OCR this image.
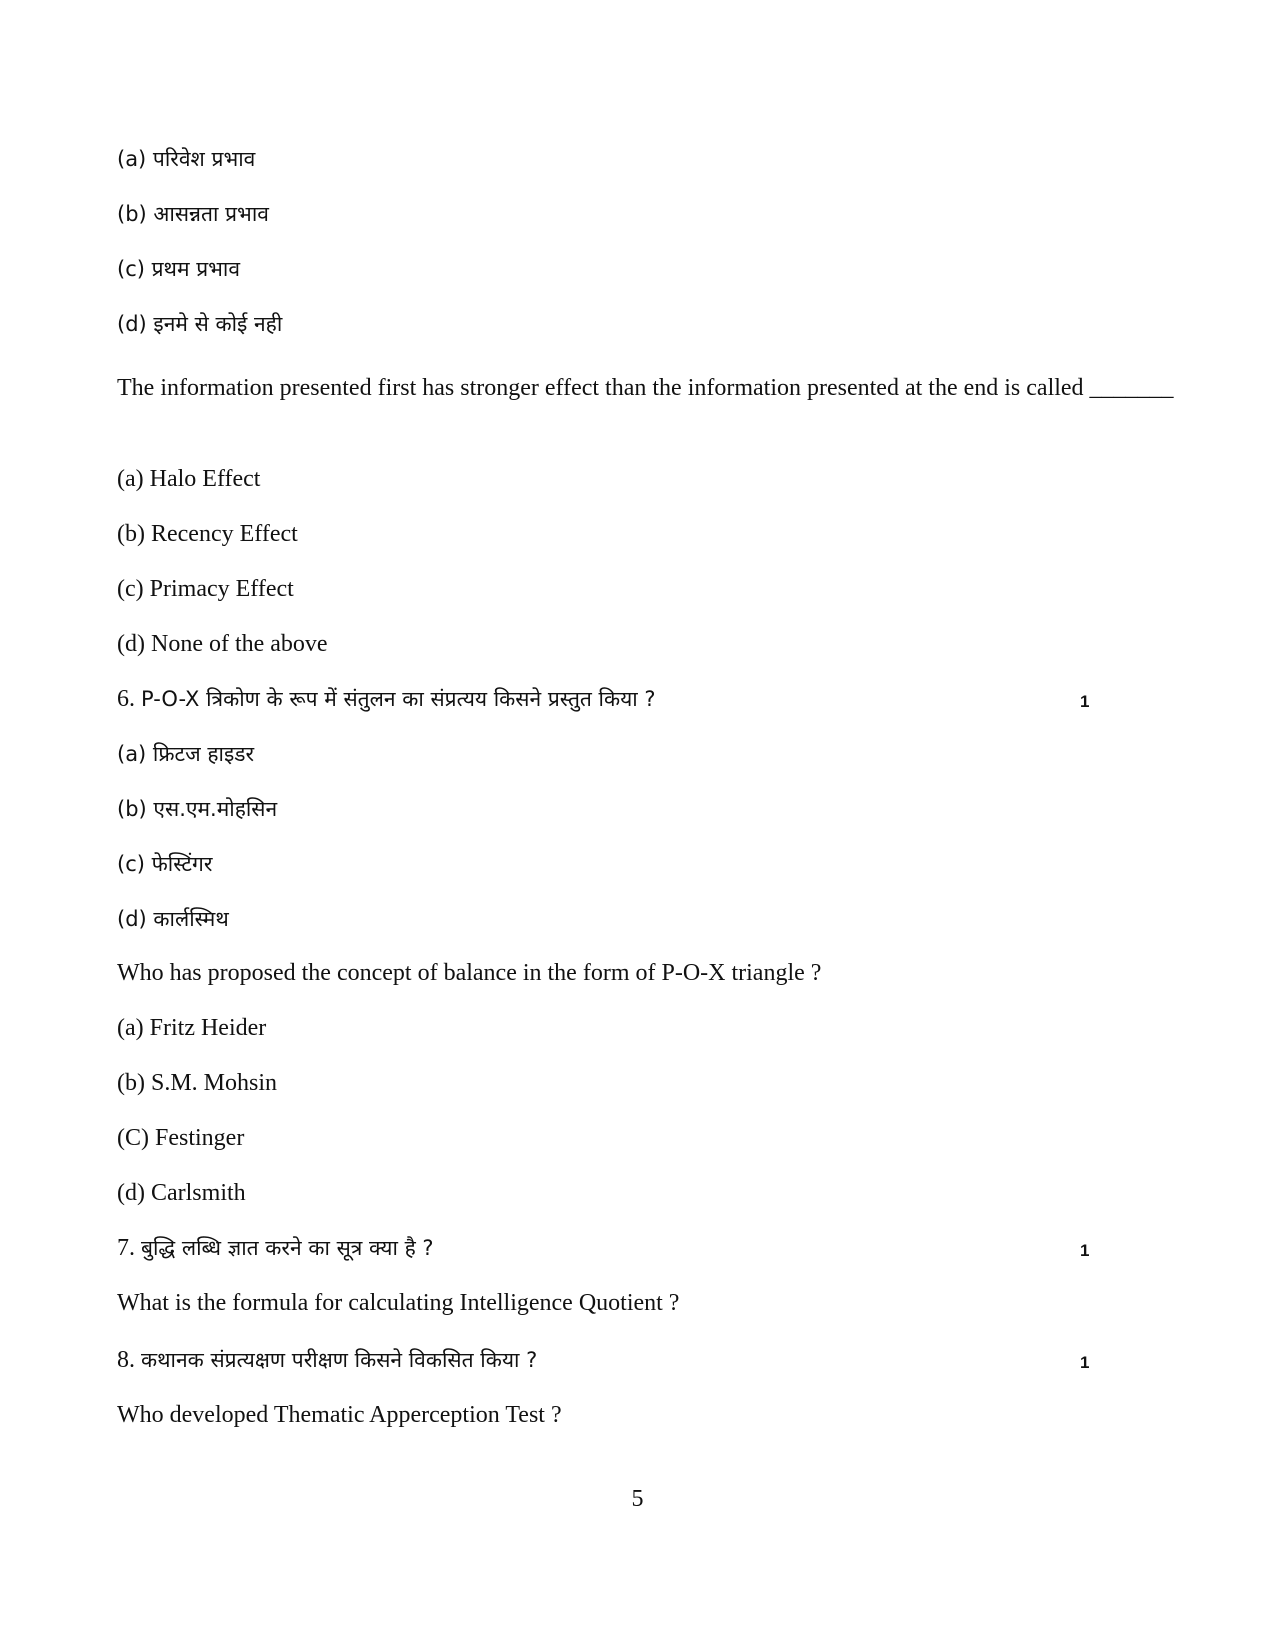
(a) परिवेश प्रभाव
(b) आसन्नता प्रभाव
(c) प्रथम प्रभाव
(d) इनमे से कोई नही
The information presented first has stronger effect than the information presented at the end is called _______
(a) Halo Effect
(b) Recency Effect
(c) Primacy Effect
(d) None of the above
6. P-O-X त्रिकोण के रूप में संतुलन का संप्रत्यय किसने प्रस्तुत किया ?	1
(a) फ्रिटज हाइडर
(b) एस.एम.मोहसिन
(c) फेस्टिंगर
(d) कार्लस्मिथ
Who has proposed the concept of balance in the form of P-O-X triangle ?
(a) Fritz Heider
(b) S.M. Mohsin
(C) Festinger
(d) Carlsmith
7. बुद्धि लब्धि ज्ञात करने का सूत्र क्या है ?	1
What is the formula for calculating Intelligence Quotient ?
8. कथानक संप्रत्यक्षण परीक्षण किसने विकसित किया ?	1
Who developed Thematic Apperception Test ?
5
